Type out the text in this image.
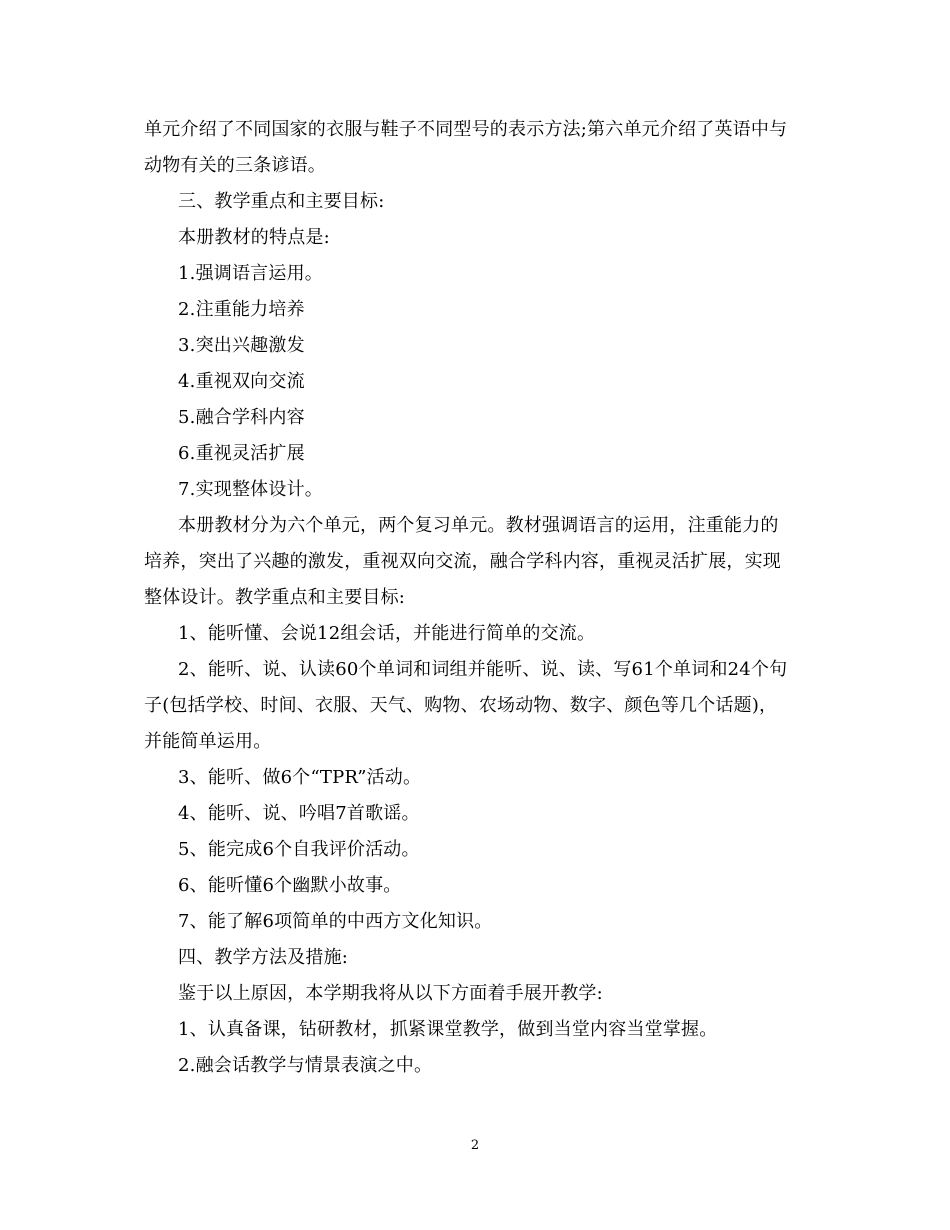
单元介绍了不同国家的衣服与鞋子不同型号的表示方法;第六单元介绍了英语中与
动物有关的三条谚语。
三、教学重点和主要目标:
本册教材的特点是:
1.强调语言运用。
2.注重能力培养
3.突出兴趣激发
4.重视双向交流
5.融合学科内容
6.重视灵活扩展
7.实现整体设计。
本册教材分为六个单元，两个复习单元。教材强调语言的运用，注重能力的
培养，突出了兴趣的激发，重视双向交流，融合学科内容，重视灵活扩展，实现
整体设计。教学重点和主要目标:
1、能听懂、会说12组会话，并能进行简单的交流。
2、能听、说、认读60个单词和词组并能听、说、读、写61个单词和24个句
子(包括学校、时间、衣服、天气、购物、农场动物、数字、颜色等几个话题)，
并能简单运用。
3、能听、做6个“TPR”活动。
4、能听、说、吟唱7首歌谣。
5、能完成6个自我评价活动。
6、能听懂6个幽默小故事。
7、能了解6项简单的中西方文化知识。
四、教学方法及措施:
鉴于以上原因，本学期我将从以下方面着手展开教学:
1、认真备课，钻研教材，抓紧课堂教学，做到当堂内容当堂掌握。
2.融会话教学与情景表演之中。
2
